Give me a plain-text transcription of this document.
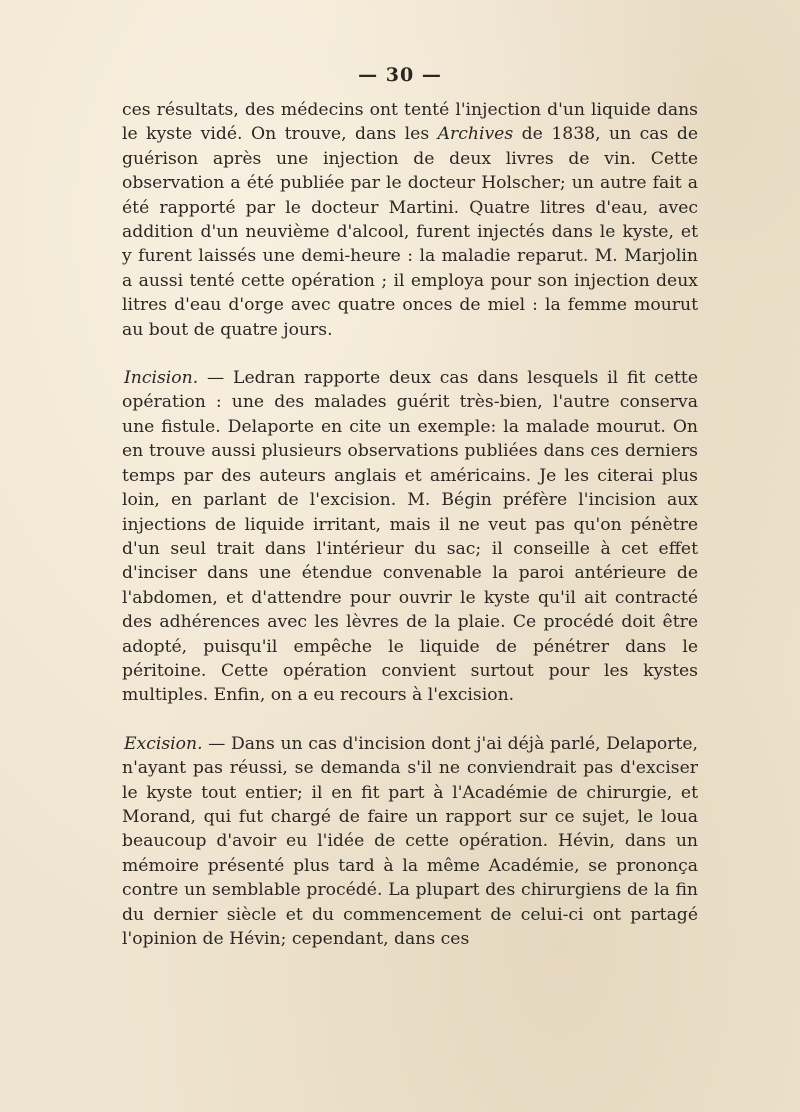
— 30 —

ces résultats, des médecins ont tenté l'injection d'un liquide dans le kyste vidé. On trouve, dans les Archives de 1838, un cas de guérison après une injection de deux livres de vin. Cette observation a été publiée par le docteur Holscher; un autre fait a été rapporté par le docteur Martini. Quatre litres d'eau, avec addition d'un neuvième d'alcool, furent injectés dans le kyste, et y furent laissés une demi-heure : la maladie reparut. M. Marjolin a aussi tenté cette opération ; il employa pour son injection deux litres d'eau d'orge avec quatre onces de miel : la femme mourut au bout de quatre jours.

Incision. — Ledran rapporte deux cas dans lesquels il fit cette opération : une des malades guérit très-bien, l'autre conserva une fistule. Delaporte en cite un exemple: la malade mourut. On en trouve aussi plusieurs observations publiées dans ces derniers temps par des auteurs anglais et américains. Je les citerai plus loin, en parlant de l'excision. M. Bégin préfère l'incision aux injections de liquide irritant, mais il ne veut pas qu'on pénètre d'un seul trait dans l'intérieur du sac; il conseille à cet effet d'inciser dans une étendue convenable la paroi antérieure de l'abdomen, et d'attendre pour ouvrir le kyste qu'il ait contracté des adhérences avec les lèvres de la plaie. Ce procédé doit être adopté, puisqu'il empêche le liquide de pénétrer dans le péritoine. Cette opération convient surtout pour les kystes multiples. Enfin, on a eu recours à l'excision.

Excision. — Dans un cas d'incision dont j'ai déjà parlé, Delaporte, n'ayant pas réussi, se demanda s'il ne conviendrait pas d'exciser le kyste tout entier; il en fit part à l'Académie de chirurgie, et Morand, qui fut chargé de faire un rapport sur ce sujet, le loua beaucoup d'avoir eu l'idée de cette opération. Hévin, dans un mémoire présenté plus tard à la même Académie, se prononça contre un semblable procédé. La plupart des chirurgiens de la fin du dernier siècle et du commencement de celui-ci ont partagé l'opinion de Hévin; cependant, dans ces
